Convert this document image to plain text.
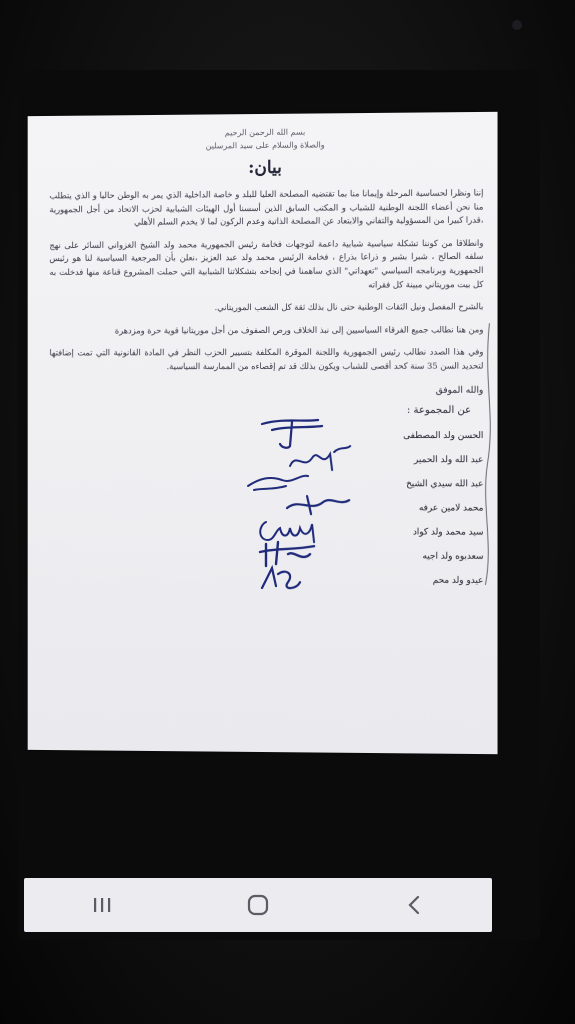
بسم الله الرحمن الرحيم
والصلاة والسلام على سيد المرسلين
بيان:

إننا ونظرا لحساسية المرحلة وإيمانا منا بما تقتضيه المصلحة العليا للبلد و خاصة الداخلية الذي يمر به الوطن حاليا و الذي يتطلب منا نحن أعضاء اللجنة الوطنية للشباب و المكتب السابق الذين أسسنا أول الهيئات الشبابية لحزب الاتحاد من أجل الجمهورية ،قدرا كبيرا من المسؤولية والتفاني والابتعاد عن المصلحة الذاتية وعدم الركون لما لا يخدم السلم الأهلي

وانطلاقا من كوننا تشكلة سياسية شبابية داعمة لتوجهات فخامة رئيس الجمهورية محمد ولد الشيخ الغزواني السائر على نهج سلفه الصالح ، شبرا بشبر و ذراعا بذراع ، فخامة الرئيس محمد ولد عبد العزيز ،نعلن بأن المرجعية السياسية لنا هو رئيس الجمهورية وبرنامجه السياسي "تعهداتي" الذي ساهمنا في إنجاحه بتشكلاتنا الشبابية التي حملت المشروع قناعة منها فدخلت به كل بيت موريتاني مبينة كل فقراته

بالشرح المفصل ونيل الثقات الوطنية حتى نال بذلك ثقة كل الشعب الموريتاني.

ومن هنا نطالب جميع الفرقاء السياسيين إلى نبذ الخلاف ورص الصفوف من أجل موريتانيا قوية حرة ومزدهرة

وفي هذا الصدد نطالب رئيس الجمهورية واللجنة الموقرة المكلفة بتسيير الحزب النظر في المادة القانونية التي تمت إضافتها لتحديد السن 35 سنة كحد أقصى للشباب ويكون بذلك قد تم إقصاءه من الممارسة السياسية.

والله الموفق
عن المجموعة :
الحسن ولد المصطفى
عبد الله ولد الحمير
عبد الله سيدي الشيخ
محمد لامين عرفه
سيد محمد ولد كواد
سعدبوه ولد اجيه
عيدو ولد محم
